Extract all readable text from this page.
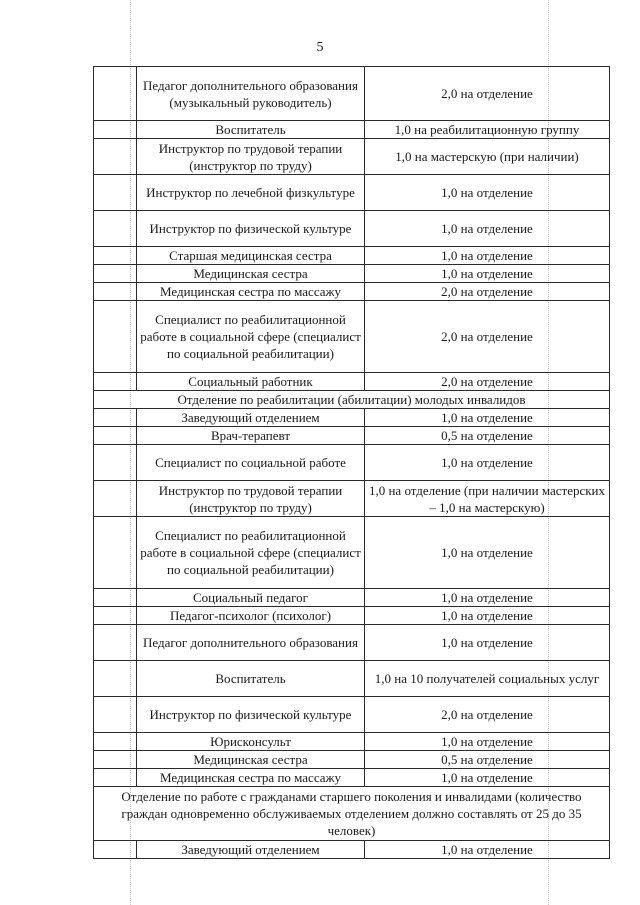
5
	Педагог дополнительного образования (музыкальный руководитель)	2,0 на отделение
	Воспитатель	1,0 на реабилитационную группу
	Инструктор по трудовой терапии (инструктор по труду)	1,0 на мастерскую (при наличии)
	Инструктор по лечебной физкультуре	1,0 на отделение
	Инструктор по физической культуре	1,0 на отделение
	Старшая медицинская сестра	1,0 на отделение
	Медицинская сестра	1,0 на отделение
	Медицинская сестра по массажу	2,0 на отделение
	Специалист по реабилитационной работе в социальной сфере (специалист по социальной реабилитации)	2,0 на отделение
	Социальный работник	2,0 на отделение
Отделение по реабилитации (абилитации) молодых инвалидов		
	Заведующий отделением	1,0 на отделение
	Врач-терапевт	0,5 на отделение
	Специалист по социальной работе	1,0 на отделение
	Инструктор по трудовой терапии (инструктор по труду)	1,0 на отделение (при наличии мастерских – 1,0 на мастерскую)
	Специалист по реабилитационной работе в социальной сфере (специалист по социальной реабилитации)	1,0 на отделение
	Социальный педагог	1,0 на отделение
	Педагог-психолог (психолог)	1,0 на отделение
	Педагог дополнительного образования	1,0 на отделение
	Воспитатель	1,0 на 10 получателей социальных услуг
	Инструктор по физической культуре	2,0 на отделение
	Юрисконсульт	1,0 на отделение
	Медицинская сестра	0,5 на отделение
	Медицинская сестра по массажу	1,0 на отделение
Отделение по работе с гражданами старшего поколения и инвалидами (количество граждан одновременно обслуживаемых отделением должно составлять от 25 до 35 человек)		
	Заведующий отделением	1,0 на отделение
